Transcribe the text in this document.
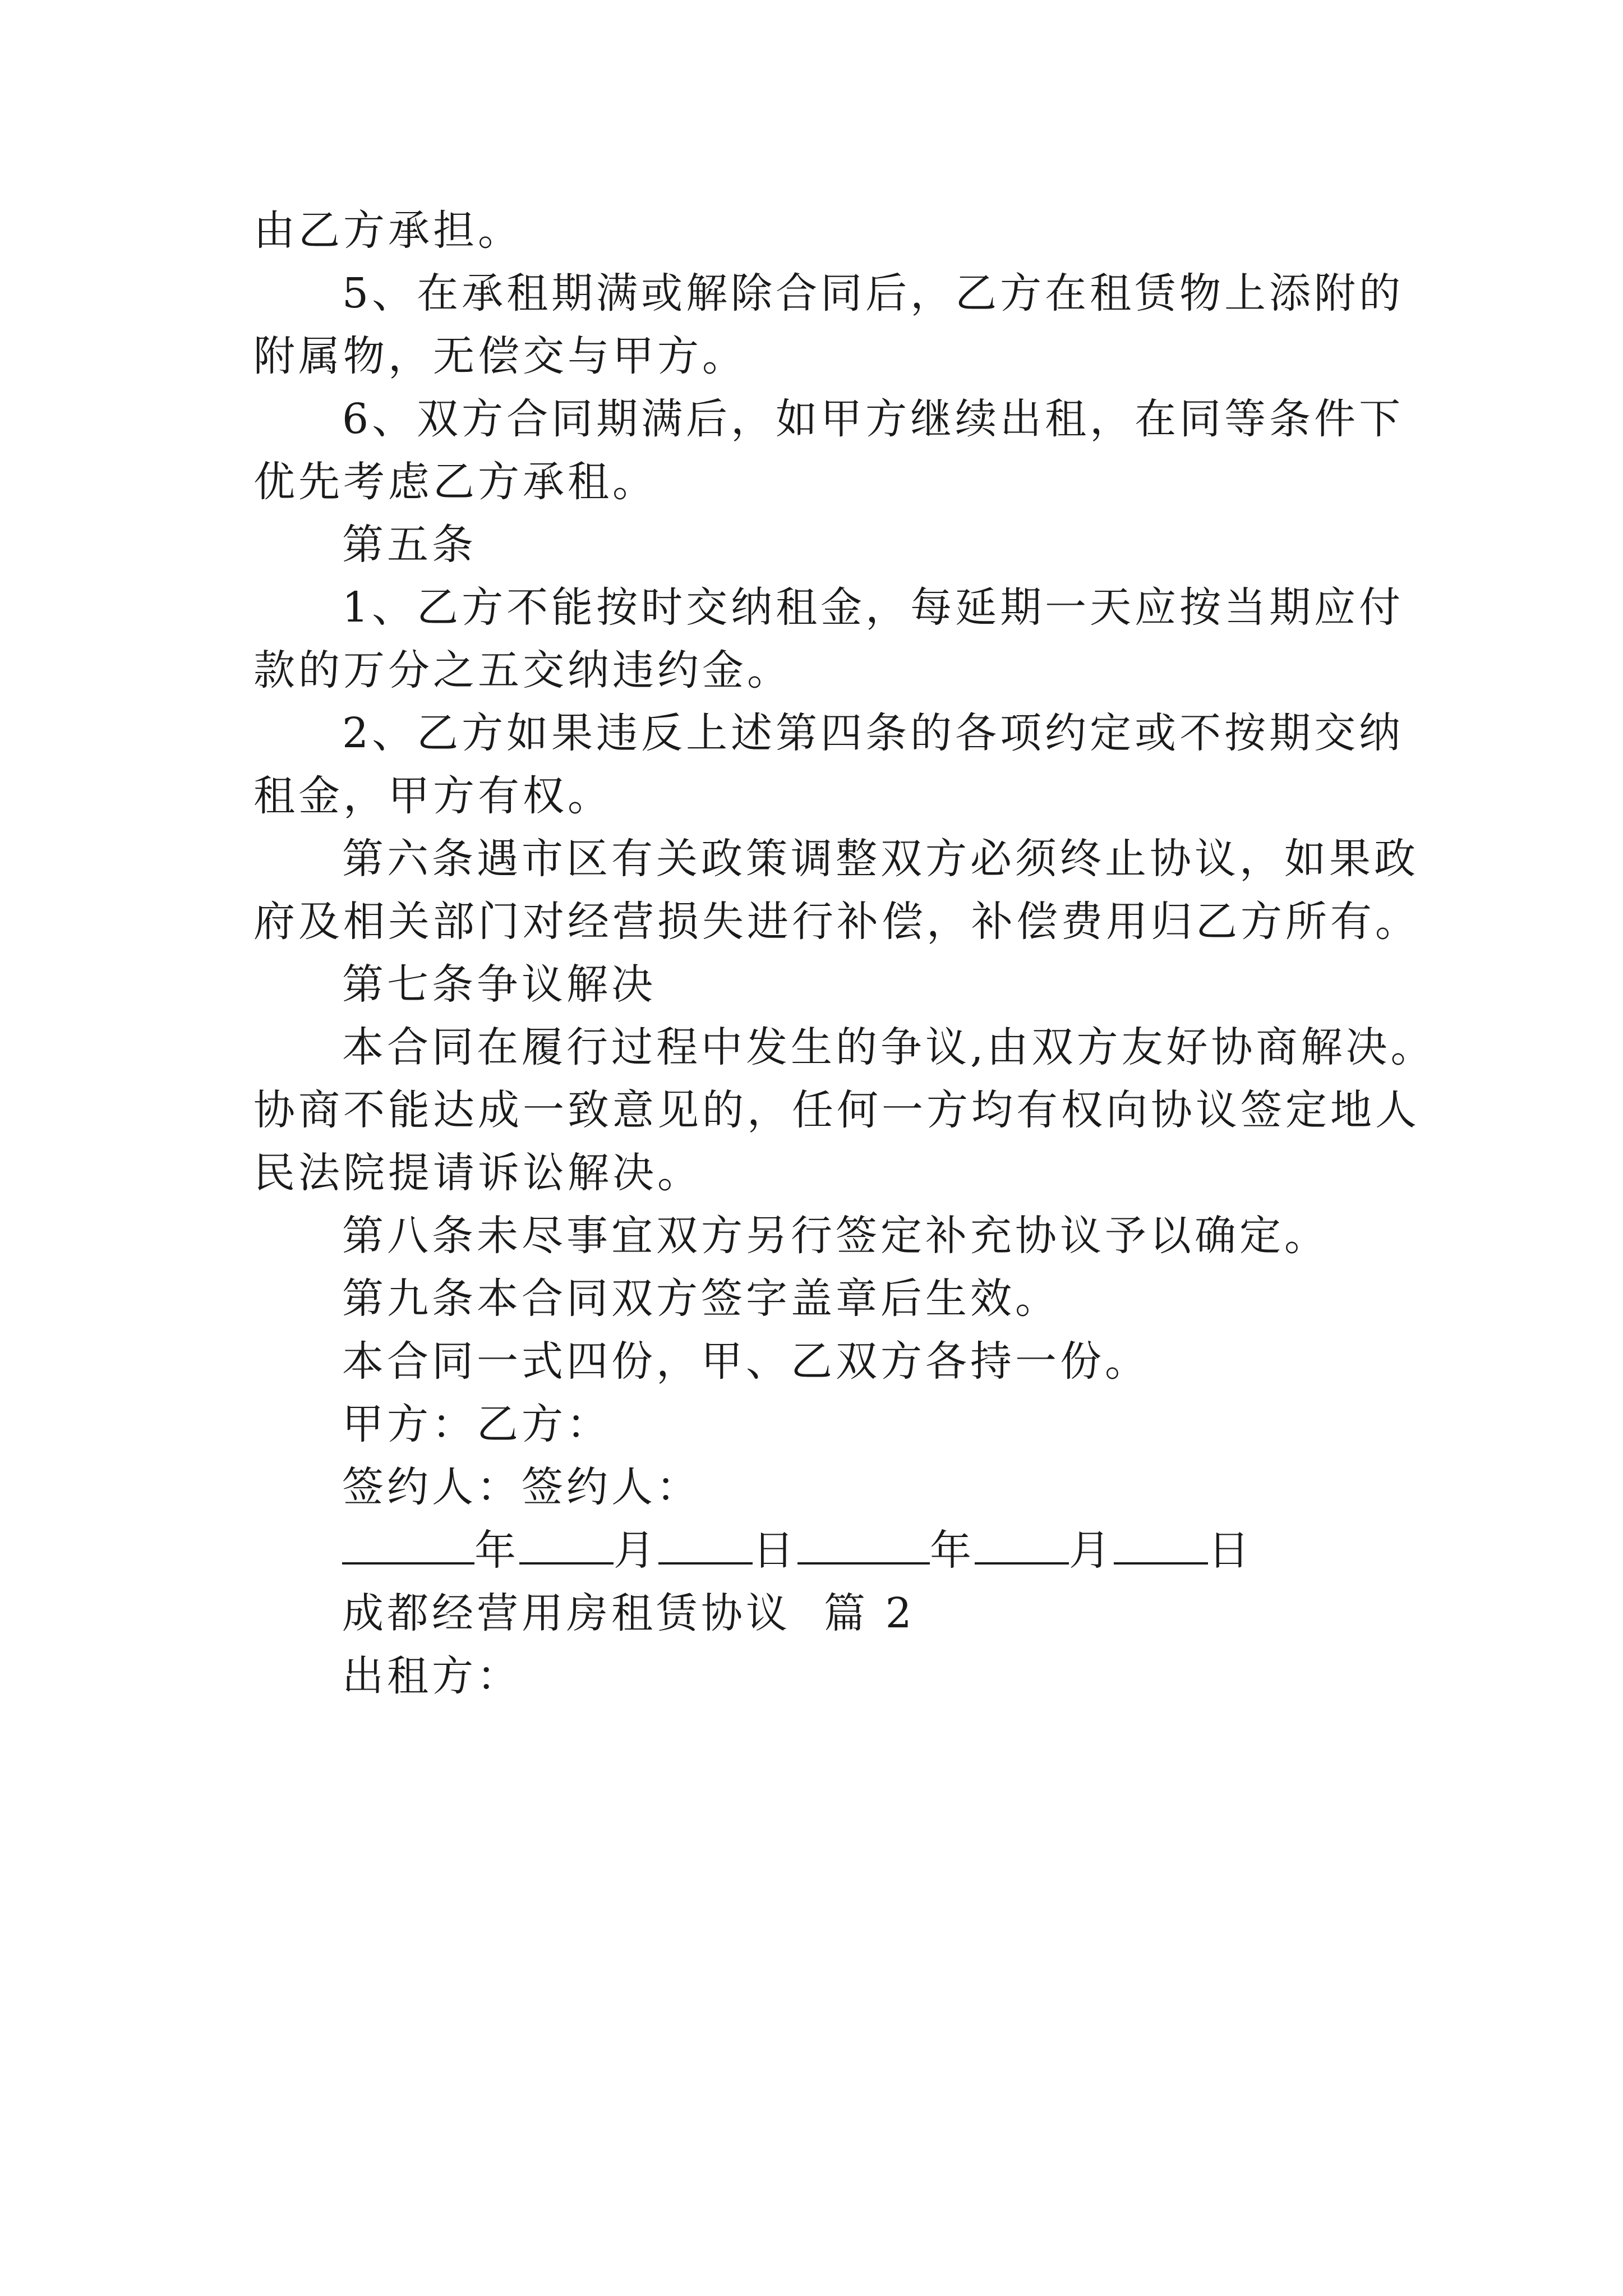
由乙方承担。
5、在承租期满或解除合同后，乙方在租赁物上添附的
附属物，无偿交与甲方。
6、双方合同期满后，如甲方继续出租，在同等条件下
优先考虑乙方承租。
第五条
1、乙方不能按时交纳租金，每延期一天应按当期应付
款的万分之五交纳违约金。
2、乙方如果违反上述第四条的各项约定或不按期交纳
租金，甲方有权。
第六条遇市区有关政策调整双方必须终止协议，如果政
府及相关部门对经营损失进行补偿，补偿费用归乙方所有。
第七条争议解决
本合同在履行过程中发生的争议,由双方友好协商解决。
协商不能达成一致意见的，任何一方均有权向协议签定地人
民法院提请诉讼解决。
第八条未尽事宜双方另行签定补充协议予以确定。
第九条本合同双方签字盖章后生效。
本合同一式四份，甲、乙双方各持一份。
甲方：乙方：
签约人：签约人：
年 月 日	年 月 日
成都经营用房租赁协议  篇 2
出租方：
